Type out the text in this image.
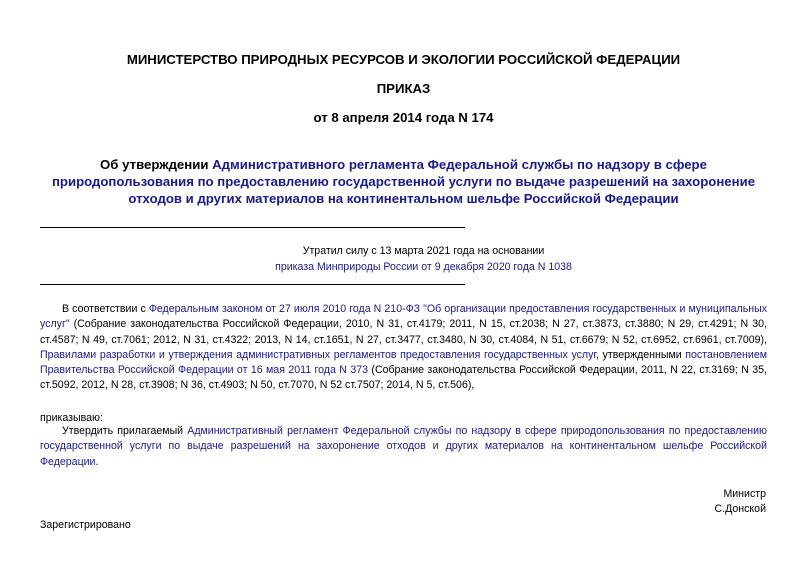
МИНИСТЕРСТВО ПРИРОДНЫХ РЕСУРСОВ И ЭКОЛОГИИ РОССИЙСКОЙ ФЕДЕРАЦИИ
ПРИКАЗ
от 8 апреля 2014 года N 174
Об утверждении Административного регламента Федеральной службы по надзору в сфере природопользования по предоставлению государственной услуги по выдаче разрешений на захоронение отходов и других материалов на континентальном шельфе Российской Федерации
Утратил силу с 13 марта 2021 года на основании
приказа Минприроды России от 9 декабря 2020 года N 1038
В соответствии с Федеральным законом от 27 июля 2010 года N 210-ФЗ "Об организации предоставления государственных и муниципальных услуг" (Собрание законодательства Российской Федерации, 2010, N 31, ст.4179; 2011, N 15, ст.2038; N 27, ст.3873, ст.3880; N 29, ст.4291; N 30, ст.4587; N 49, ст.7061; 2012, N 31, ст.4322; 2013, N 14, ст.1651, N 27, ст.3477, ст.3480, N 30, ст.4084, N 51, ст.6679; N 52, ст.6952, ст.6961, ст.7009), Правилами разработки и утверждения административных регламентов предоставления государственных услуг, утвержденными постановлением Правительства Российской Федерации от 16 мая 2011 года N 373 (Собрание законодательства Российской Федерации, 2011, N 22, ст.3169; N 35, ст.5092, 2012, N 28, ст.3908; N 36, ст.4903; N 50, ст.7070, N 52 ст.7507; 2014, N 5, ст.506),
приказываю:
Утвердить прилагаемый Административный регламент Федеральной службы по надзору в сфере природопользования по предоставлению государственной услуги по выдаче разрешений на захоронение отходов и других материалов на континентальном шельфе Российской Федерации.
Министр
С.Донской
Зарегистрировано
